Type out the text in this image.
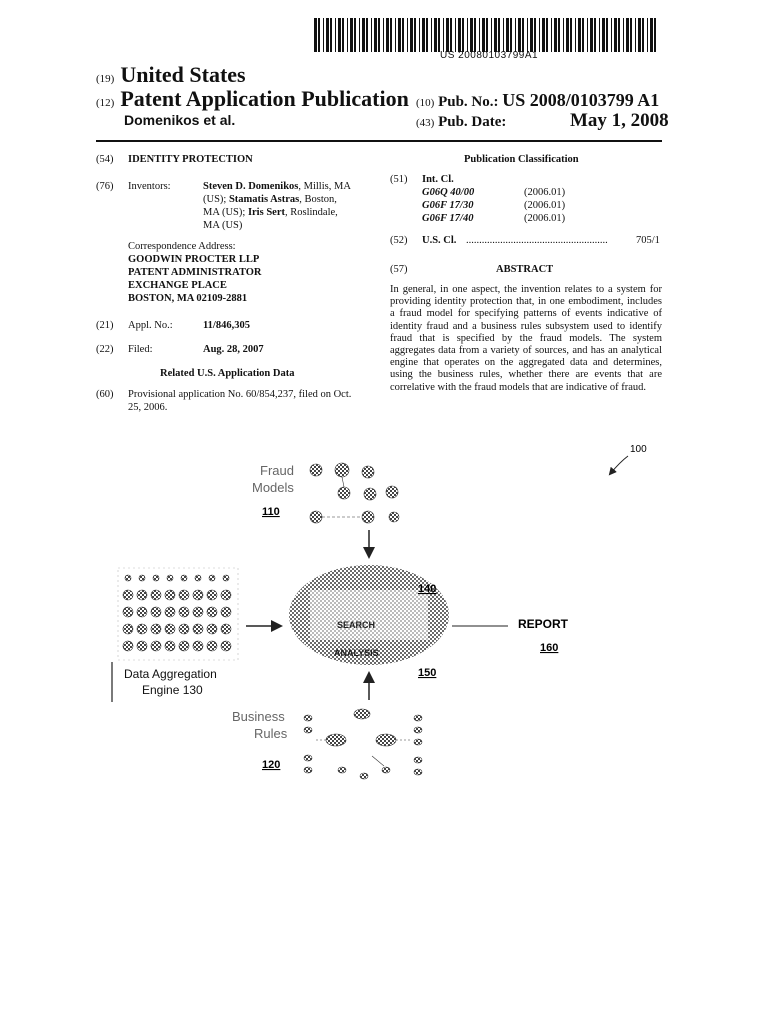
US 20080103799A1
(19) United States
(12) Patent Application Publication
Domenikos et al.
(10) Pub. No.: US 2008/0103799 A1
(43) Pub. Date:	May 1, 2008
(54) IDENTITY PROTECTION
(76) Inventors:	Steven D. Domenikos, Millis, MA
(US); Stamatis Astras, Boston,
MA (US); Iris Sert, Roslindale,
MA (US)
Correspondence Address:
GOODWIN PROCTER LLP
PATENT ADMINISTRATOR
EXCHANGE PLACE
BOSTON, MA 02109-2881
(21) Appl. No.:	11/846,305
(22) Filed:	Aug. 28, 2007
Related U.S. Application Data
(60) Provisional application No. 60/854,237, filed on Oct.
25, 2006.
Publication Classification
(51) Int. Cl.
G06Q 40/00	(2006.01)
G06F 17/30	(2006.01)
G06F 17/40	(2006.01)
(52) U.S. Cl. ......................................................	705/1
(57)	ABSTRACT
In general, in one aspect, the invention relates to a system for providing identity protection that, in one embodiment, includes a fraud model for specifying patterns of events indicative of identity fraud and a business rules subsystem used to identify fraud that is specified by the fraud models. The system aggregates data from a variety of sources, and has an analytical engine that operates on the aggregated data and determines, using the business rules, whether there are events that are correlative with the fraud models that are indicative of fraud.
100
Fraud
Models
110
SEARCH
ANALYSIS
140
150
Data Aggregation
Engine 130
REPORT
160
Business
Rules
120
